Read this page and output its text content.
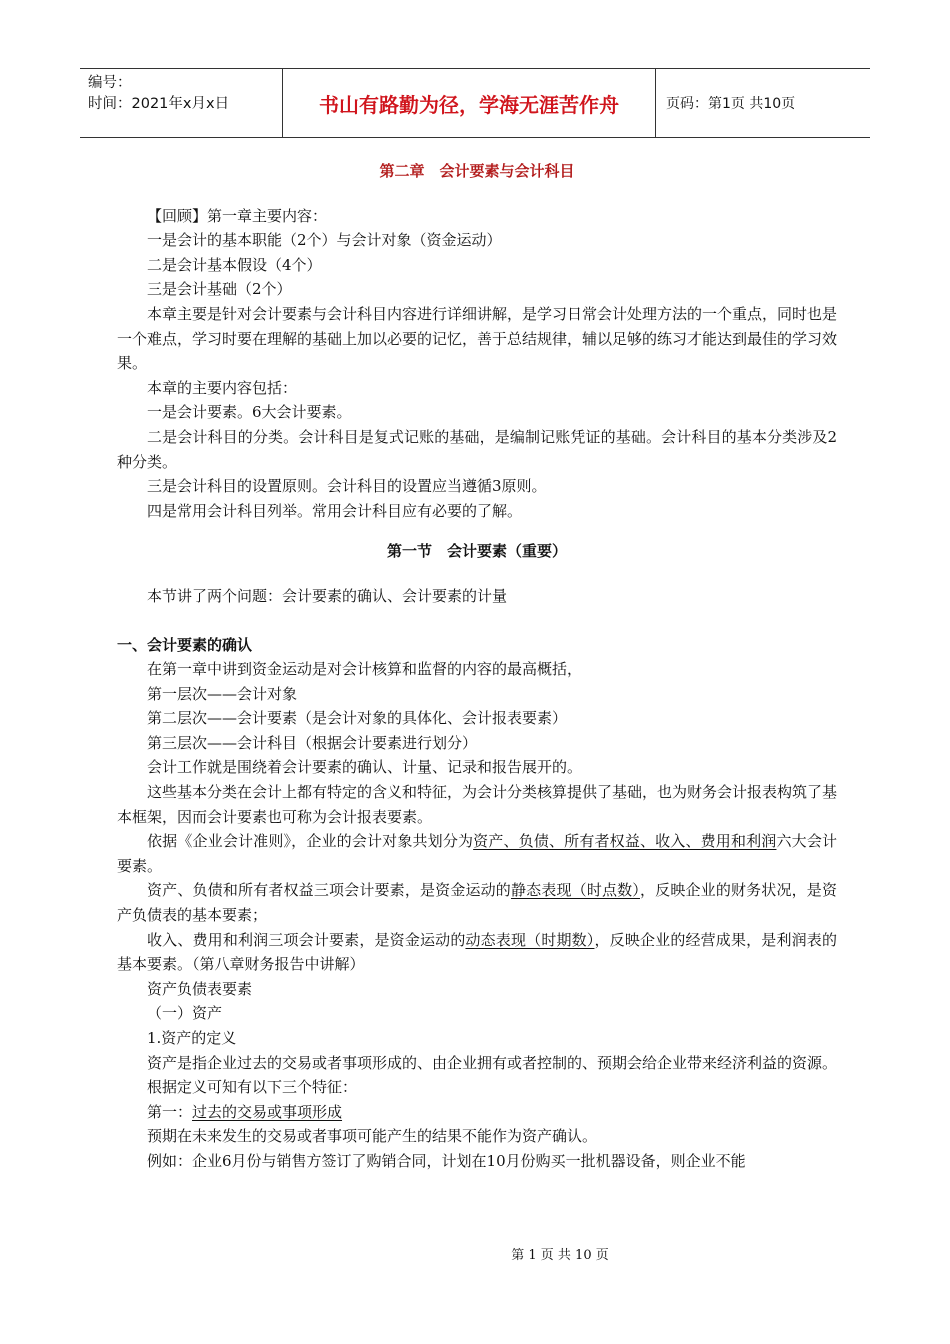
编号：
时间：2021年x月x日	书山有路勤为径，学海无涯苦作舟	页码：第1页 共10页

第二章　会计要素与会计科目

【回顾】第一章主要内容：

一是会计的基本职能（2个）与会计对象（资金运动）

二是会计基本假设（4个）

三是会计基础（2个）

本章主要是针对会计要素与会计科目内容进行详细讲解，是学习日常会计处理方法的一个重点，同时也是一个难点，学习时要在理解的基础上加以必要的记忆，善于总结规律，辅以足够的练习才能达到最佳的学习效果。

本章的主要内容包括：

一是会计要素。6大会计要素。

二是会计科目的分类。会计科目是复式记账的基础，是编制记账凭证的基础。会计科目的基本分类涉及2种分类。

三是会计科目的设置原则。会计科目的设置应当遵循3原则。

四是常用会计科目列举。常用会计科目应有必要的了解。

第一节　会计要素（重要）

本节讲了两个问题：会计要素的确认、会计要素的计量

一、会计要素的确认

在第一章中讲到资金运动是对会计核算和监督的内容的最高概括，

第一层次——会计对象

第二层次——会计要素（是会计对象的具体化、会计报表要素）

第三层次——会计科目（根据会计要素进行划分）

会计工作就是围绕着会计要素的确认、计量、记录和报告展开的。

这些基本分类在会计上都有特定的含义和特征，为会计分类核算提供了基础，也为财务会计报表构筑了基本框架，因而会计要素也可称为会计报表要素。

依据《企业会计准则》，企业的会计对象共划分为资产、负债、所有者权益、收入、费用和利润六大会计要素。

资产、负债和所有者权益三项会计要素，是资金运动的静态表现（时点数），反映企业的财务状况，是资产负债表的基本要素；

收入、费用和利润三项会计要素，是资金运动的动态表现（时期数），反映企业的经营成果，是利润表的基本要素。（第八章财务报告中讲解）

资产负债表要素

（一）资产

1.资产的定义

资产是指企业过去的交易或者事项形成的、由企业拥有或者控制的、预期会给企业带来经济利益的资源。

根据定义可知有以下三个特征：

第一：过去的交易或事项形成

预期在未来发生的交易或者事项可能产生的结果不能作为资产确认。

例如：企业6月份与销售方签订了购销合同，计划在10月份购买一批机器设备，则企业不能

第 1 页 共 10 页
